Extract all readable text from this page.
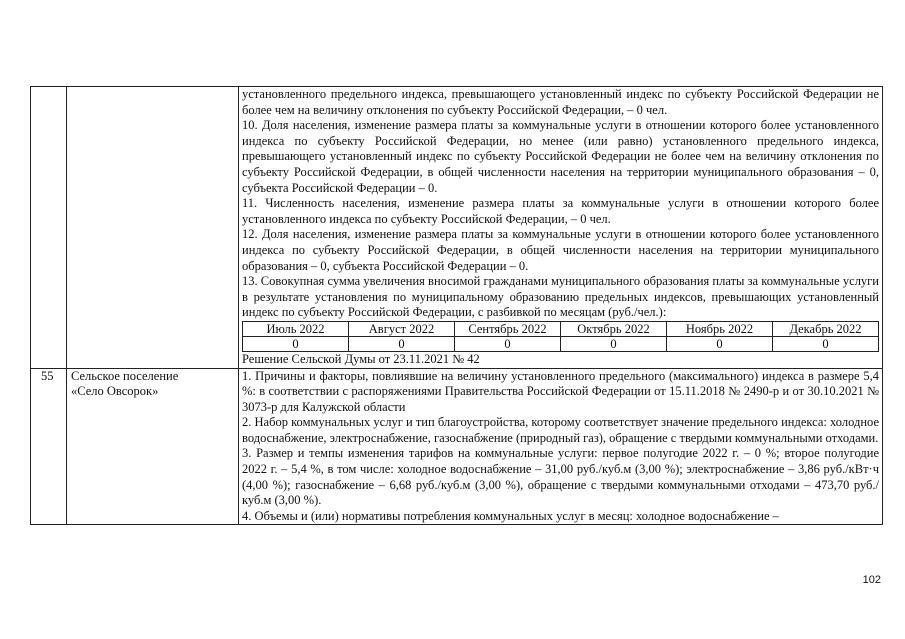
установленного предельного индекса, превышающего установленный индекс по субъекту Российской Федерации не более чем на величину отклонения по субъекту Российской Федерации, – 0 чел.

10. Доля населения, изменение размера платы за коммунальные услуги в отношении которого более установленного индекса по субъекту Российской Федерации, но менее (или равно) установленного предельного индекса, превышающего установленный индекс по субъекту Российской Федерации не более чем на величину отклонения по субъекту Российской Федерации, в общей численности населения на территории муниципального образования – 0, субъекта Российской Федерации – 0.

11. Численность населения, изменение размера платы за коммунальные услуги в отношении которого более установленного индекса по субъекту Российской Федерации, – 0 чел.

12. Доля населения, изменение размера платы за коммунальные услуги в отношении которого более установленного индекса по субъекту Российской Федерации, в общей численности населения на территории муниципального образования – 0, субъекта Российской Федерации – 0.

13. Совокупная сумма увеличения вносимой гражданами муниципального образования платы за коммунальные услуги в результате установления по муниципальному образованию предельных индексов, превышающих установленный индекс по субъекту Российской Федерации, с разбивкой по месяцам (руб./чел.):

Июль 2022	Август 2022	Сентябрь 2022	Октябрь 2022	Ноябрь 2022	Декабрь 2022
0	0	0	0	0	0

Решение Сельской Думы от 23.11.2021 № 42

55	Сельское поселение
«Село Овсорок»

1. Причины и факторы, повлиявшие на величину установленного предельного (максимального) индекса в размере 5,4 %: в соответствии с распоряжениями Правительства Российской Федерации от 15.11.2018 № 2490-р и от 30.10.2021 № 3073-р для Калужской области

2. Набор коммунальных услуг и тип благоустройства, которому соответствует значение предельного индекса: холодное водоснабжение, электроснабжение, газоснабжение (природный газ), обращение с твердыми коммунальными отходами.

3. Размер и темпы изменения тарифов на коммунальные услуги: первое полугодие 2022 г. – 0 %; второе полугодие 2022 г. – 5,4 %, в том числе: холодное водоснабжение – 31,00 руб./куб.м (3,00 %); электроснабжение – 3,86 руб./кВт·ч (4,00 %); газоснабжение – 6,68 руб./куб.м (3,00 %), обращение с твердыми коммунальными отходами – 473,70 руб./куб.м (3,00 %).

4. Объемы и (или) нормативы потребления коммунальных услуг в месяц: холодное водоснабжение –

102
